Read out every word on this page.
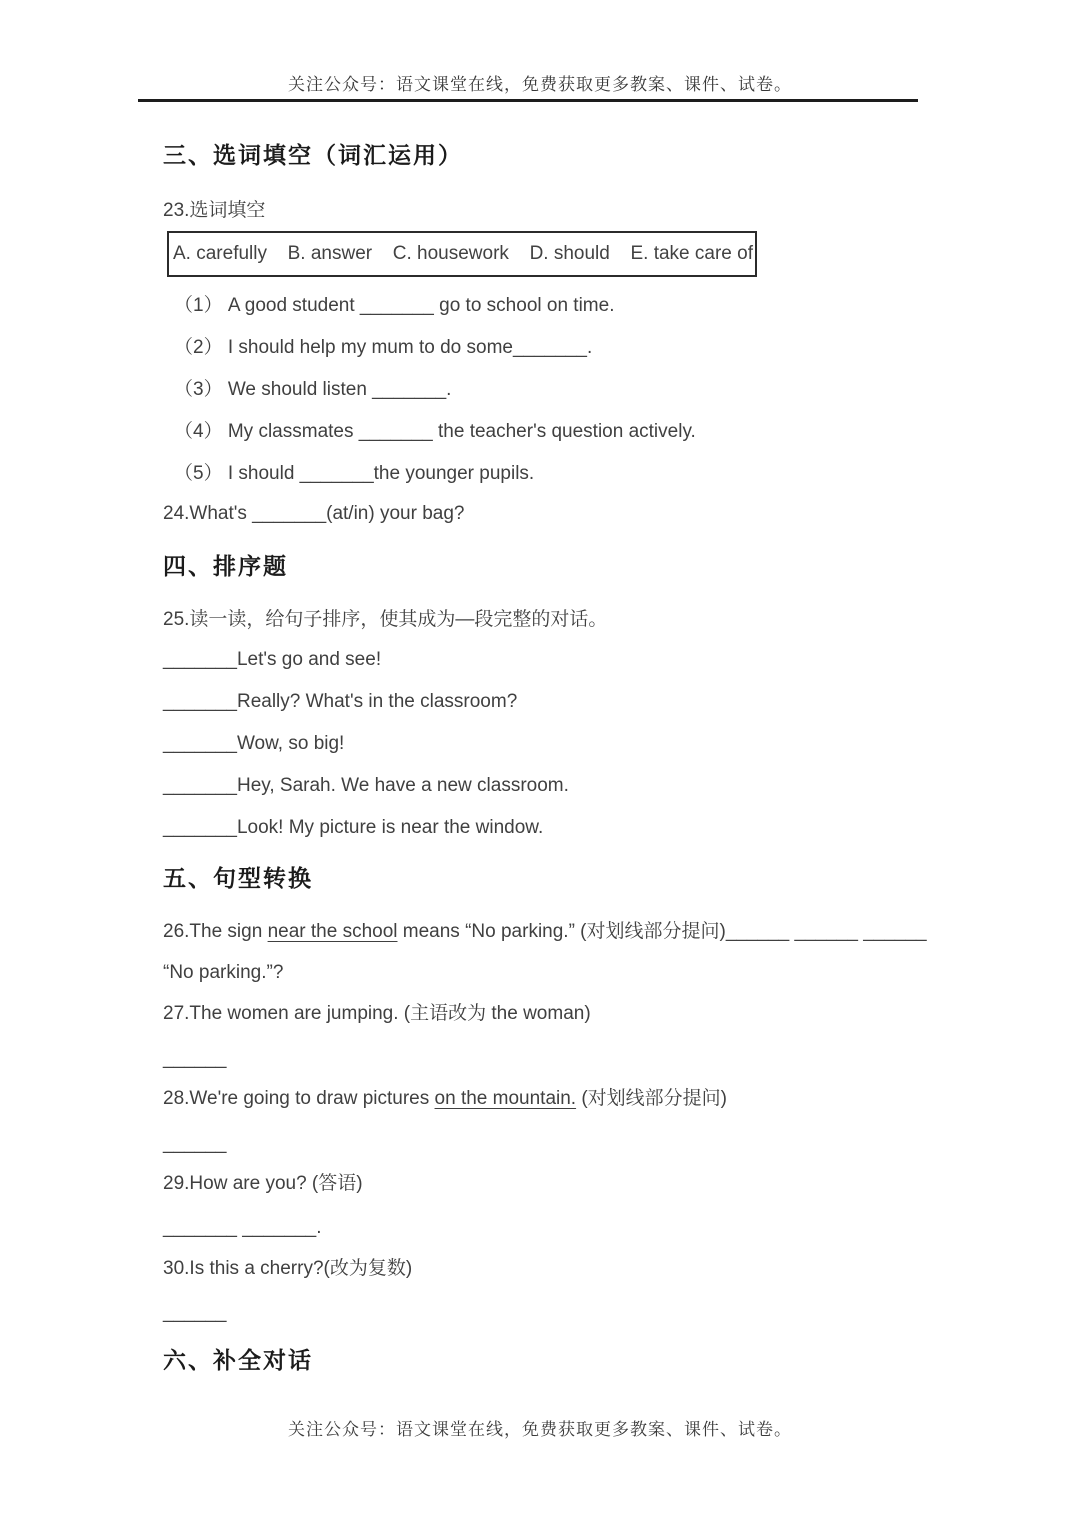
关注公众号：语文课堂在线，免费获取更多教案、课件、试卷。
三、选词填空（词汇运用）

23.选词填空

A. carefully B. answer C. housework D. should E. take care of

（1） A good student _______ go to school on time.

（2） I should help my mum to do some_______.

（3） We should listen _______.

（4） My classmates _______ the teacher's question actively.

（5） I should _______the younger pupils.

24.What's _______(at/in) your bag?

四、排序题

25.读一读，给句子排序，使其成为—段完整的对话。

_______Let's go and see!

_______Really? What's in the classroom?

_______Wow, so big!

_______Hey, Sarah. We have a new classroom.

_______Look! My picture is near the window.

五、句型转换

26.The sign near the school means “No parking.” (对划线部分提问)______ ______ ______

“No parking.”?

27.The women are jumping. (主语改为 the woman)

______

28.We're going to draw pictures on the mountain. (对划线部分提问)

______

29.How are you? (答语)

_______ _______.

30.Is this a cherry?(改为复数)

______

六、补全对话
关注公众号：语文课堂在线，免费获取更多教案、课件、试卷。
